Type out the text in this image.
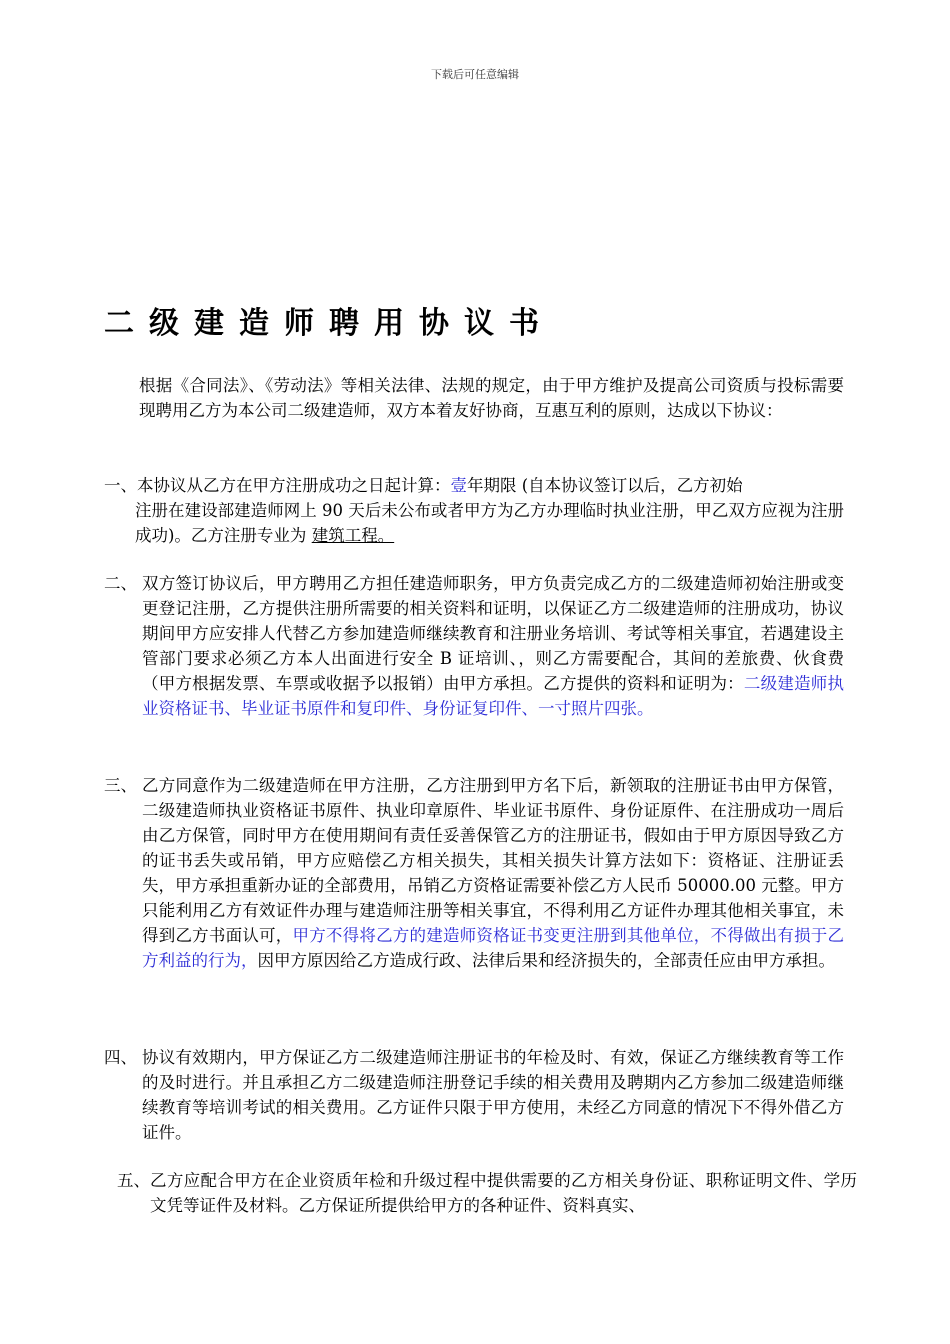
下载后可任意编辑
二级建造师聘用协议书
根据《合同法》、《劳动法》等相关法律、法规的规定，由于甲方维护及提高公司资质与投标需要现聘用乙方为本公司二级建造师，双方本着友好协商，互惠互利的原则，达成以下协议：
一、本协议从乙方在甲方注册成功之日起计算：壹年期限 (自本协议签订以后，乙方初始
注册在建设部建造师网上 90 天后未公布或者甲方为乙方办理临时执业注册，甲乙双方应视为注册成功)。乙方注册专业为 建筑工程。
二、 双方签订协议后，甲方聘用乙方担任建造师职务，甲方负责完成乙方的二级建造师初始注册或变更登记注册，乙方提供注册所需要的相关资料和证明，以保证乙方二级建造师的注册成功，协议期间甲方应安排人代替乙方参加建造师继续教育和注册业务培训、考试等相关事宜，若遇建设主管部门要求必须乙方本人出面进行安全 B 证培训、，则乙方需要配合，其间的差旅费、伙食费（甲方根据发票、车票或收据予以报销）由甲方承担。乙方提供的资料和证明为：二级建造师执业资格证书、毕业证书原件和复印件、身份证复印件、一寸照片四张。
三、 乙方同意作为二级建造师在甲方注册，乙方注册到甲方名下后，新领取的注册证书由甲方保管，二级建造师执业资格证书原件、执业印章原件、毕业证书原件、身份证原件、在注册成功一周后由乙方保管，同时甲方在使用期间有责任妥善保管乙方的注册证书，假如由于甲方原因导致乙方的证书丢失或吊销，甲方应赔偿乙方相关损失，其相关损失计算方法如下：资格证、注册证丢失，甲方承担重新办证的全部费用，吊销乙方资格证需要补偿乙方人民币 50000.00 元整。甲方只能利用乙方有效证件办理与建造师注册等相关事宜，不得利用乙方证件办理其他相关事宜，未得到乙方书面认可，甲方不得将乙方的建造师资格证书变更注册到其他单位，不得做出有损于乙方利益的行为，因甲方原因给乙方造成行政、法律后果和经济损失的，全部责任应由甲方承担。
四、 协议有效期内，甲方保证乙方二级建造师注册证书的年检及时、有效，保证乙方继续教育等工作的及时进行。并且承担乙方二级建造师注册登记手续的相关费用及聘期内乙方参加二级建造师继续教育等培训考试的相关费用。乙方证件只限于甲方使用，未经乙方同意的情况下不得外借乙方证件。
五、 乙方应配合甲方在企业资质年检和升级过程中提供需要的乙方相关身份证、职称证明文件、学历文凭等证件及材料。乙方保证所提供给甲方的各种证件、资料真实、
